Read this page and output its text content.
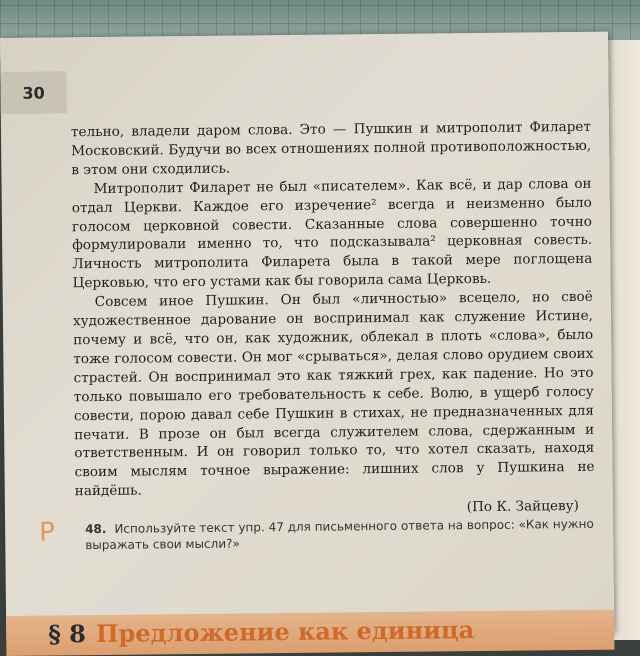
30

тельно, владели даром слова. Это — Пушкин и митрополит Филарет Московский. Будучи во всех отношениях полной противоположностью, в этом они сходились.

Митрополит Филарет не был «писателем». Как всё, и дар слова он отдал Церкви. Каждое его изречение² всегда и неизменно было голосом церковной совести. Сказанные слова совершенно точно формулировали именно то, что подсказывала² церковная совесть. Личность митрополита Филарета была в такой мере поглощена Церковью, что его устами как бы говорила сама Церковь.

Совсем иное Пушкин. Он был «личностью» всецело, но своё художественное дарование он воспринимал как служение Истине, почему и всё, что он, как художник, облекал в плоть «слова», было тоже голосом совести. Он мог «срываться», делая слово орудием своих страстей. Он воспринимал это как тяжкий грех, как падение. Но это только повышало его требовательность к себе. Волю, в ущерб голосу совести, порою давал себе Пушкин в стихах, не предназначенных для печати. В прозе он был всегда служителем слова, сдержанным и ответственным. И он говорил только то, что хотел сказать, находя своим мыслям точное выражение: лишних слов у Пушкина не найдёшь.

(По К. Зайцеву)

Р	48. Используйте текст упр. 47 для письменного ответа на вопрос: «Как нужно выражать свои мысли?»
§ 8 Предложение как единица
